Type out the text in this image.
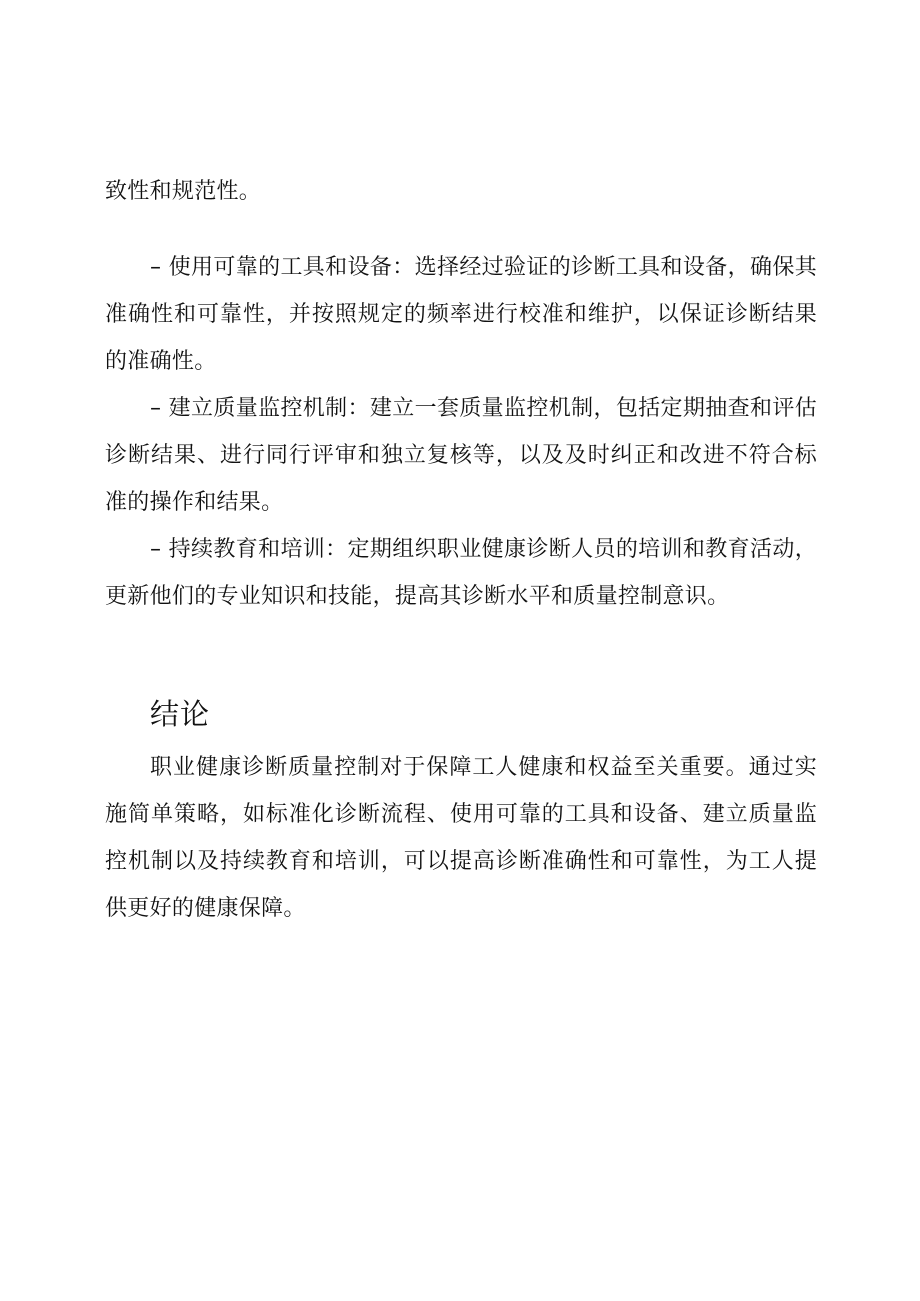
致性和规范性。

– 使用可靠的工具和设备：选择经过验证的诊断工具和设备，确保其准确性和可靠性，并按照规定的频率进行校准和维护，以保证诊断结果的准确性。

– 建立质量监控机制：建立一套质量监控机制，包括定期抽查和评估诊断结果、进行同行评审和独立复核等，以及及时纠正和改进不符合标准的操作和结果。

– 持续教育和培训：定期组织职业健康诊断人员的培训和教育活动，更新他们的专业知识和技能，提高其诊断水平和质量控制意识。

结论

职业健康诊断质量控制对于保障工人健康和权益至关重要。通过实施简单策略，如标准化诊断流程、使用可靠的工具和设备、建立质量监控机制以及持续教育和培训，可以提高诊断准确性和可靠性，为工人提供更好的健康保障。
